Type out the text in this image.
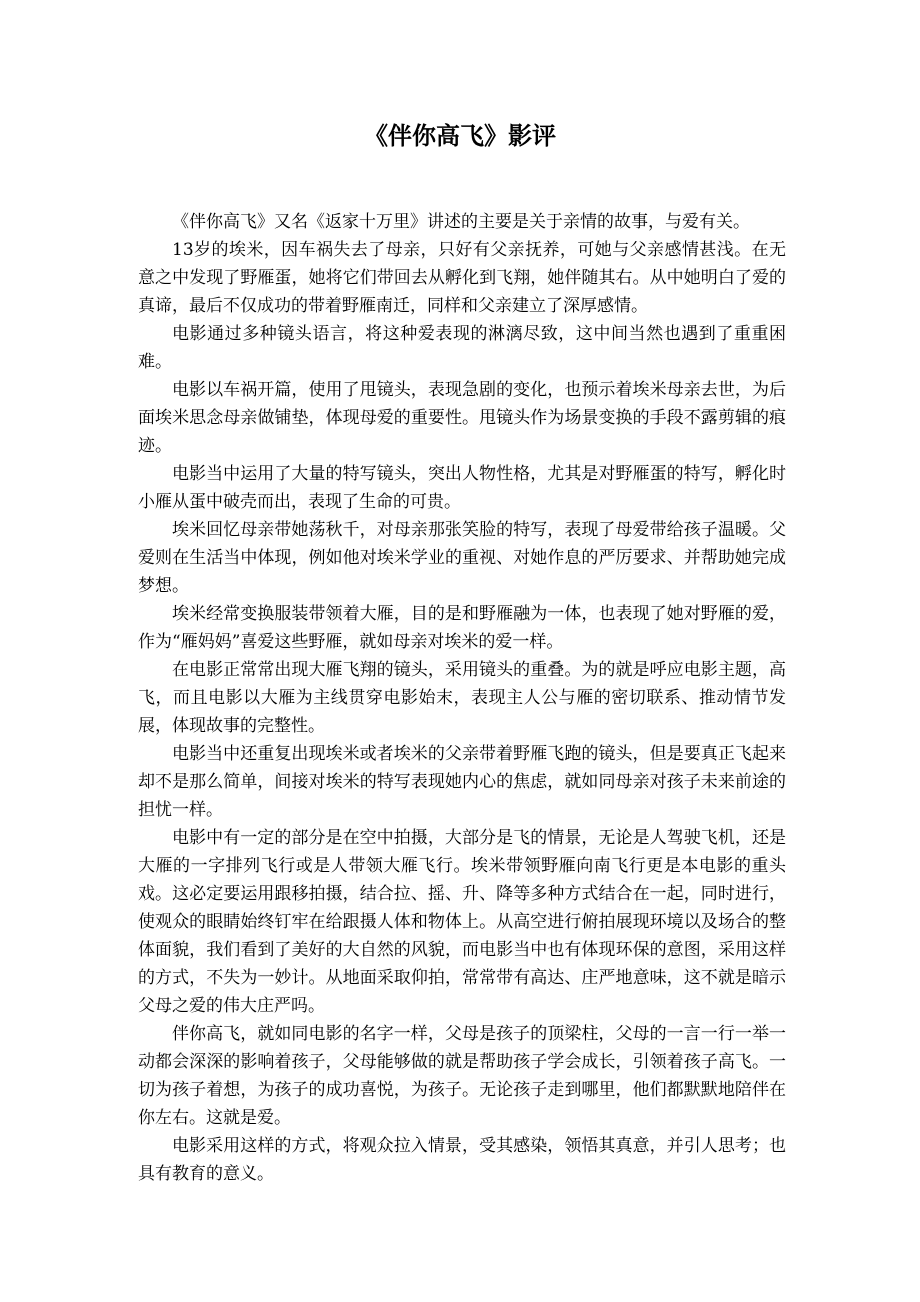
《伴你高飞》影评

《伴你高飞》又名《返家十万里》讲述的主要是关于亲情的故事，与爱有关。

13岁的埃米，因车祸失去了母亲，只好有父亲抚养，可她与父亲感情甚浅。在无意之中发现了野雁蛋，她将它们带回去从孵化到飞翔，她伴随其右。从中她明白了爱的真谛，最后不仅成功的带着野雁南迁，同样和父亲建立了深厚感情。

电影通过多种镜头语言，将这种爱表现的淋漓尽致，这中间当然也遇到了重重困难。

电影以车祸开篇，使用了甩镜头，表现急剧的变化，也预示着埃米母亲去世，为后面埃米思念母亲做铺垫，体现母爱的重要性。甩镜头作为场景变换的手段不露剪辑的痕迹。

电影当中运用了大量的特写镜头，突出人物性格，尤其是对野雁蛋的特写，孵化时小雁从蛋中破壳而出，表现了生命的可贵。

埃米回忆母亲带她荡秋千，对母亲那张笑脸的特写，表现了母爱带给孩子温暖。父爱则在生活当中体现，例如他对埃米学业的重视、对她作息的严厉要求、并帮助她完成梦想。

埃米经常变换服装带领着大雁，目的是和野雁融为一体，也表现了她对野雁的爱，作为“雁妈妈”喜爱这些野雁，就如母亲对埃米的爱一样。

在电影正常常出现大雁飞翔的镜头，采用镜头的重叠。为的就是呼应电影主题，高飞，而且电影以大雁为主线贯穿电影始末，表现主人公与雁的密切联系、推动情节发展，体现故事的完整性。

电影当中还重复出现埃米或者埃米的父亲带着野雁飞跑的镜头，但是要真正飞起来却不是那么简单，间接对埃米的特写表现她内心的焦虑，就如同母亲对孩子未来前途的担忧一样。

电影中有一定的部分是在空中拍摄，大部分是飞的情景，无论是人驾驶飞机，还是大雁的一字排列飞行或是人带领大雁飞行。埃米带领野雁向南飞行更是本电影的重头戏。这必定要运用跟移拍摄，结合拉、摇、升、降等多种方式结合在一起，同时进行，使观众的眼睛始终钉牢在给跟摄人体和物体上。从高空进行俯拍展现环境以及场合的整体面貌，我们看到了美好的大自然的风貌，而电影当中也有体现环保的意图，采用这样的方式，不失为一妙计。从地面采取仰拍，常常带有高达、庄严地意味，这不就是暗示父母之爱的伟大庄严吗。

伴你高飞，就如同电影的名字一样，父母是孩子的顶梁柱，父母的一言一行一举一动都会深深的影响着孩子，父母能够做的就是帮助孩子学会成长，引领着孩子高飞。一切为孩子着想，为孩子的成功喜悦，为孩子。无论孩子走到哪里，他们都默默地陪伴在你左右。这就是爱。

电影采用这样的方式，将观众拉入情景，受其感染，领悟其真意，并引人思考；也具有教育的意义。
